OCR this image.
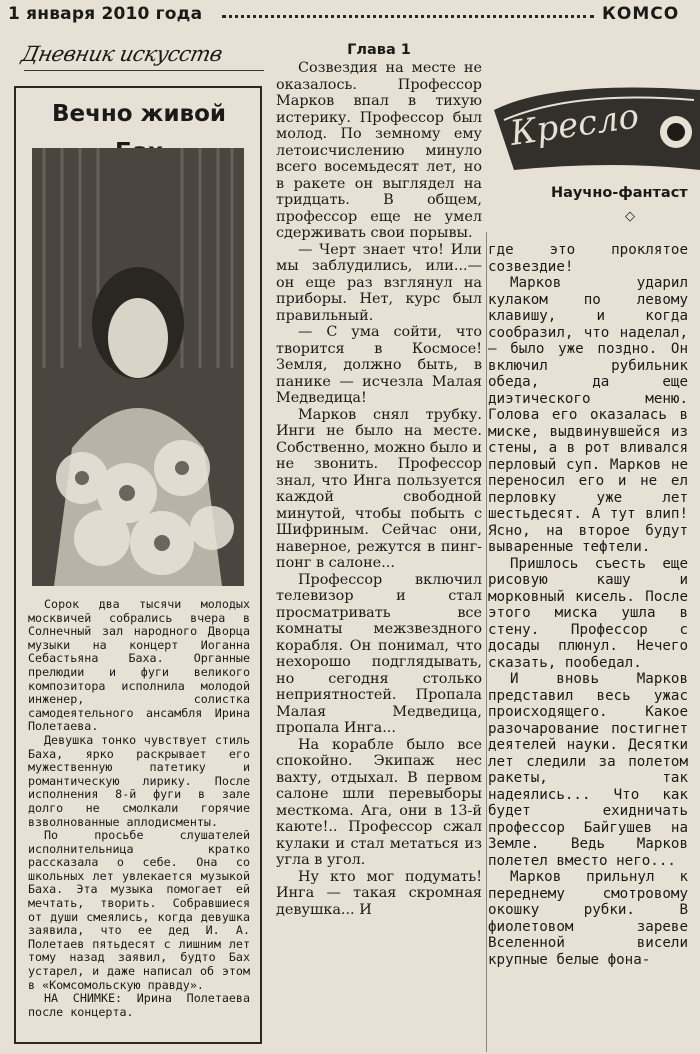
1 января 2010 года	КОМСО
Дневник искусств
Вечно живой

Сорок два тысячи молодых москвичей собрались вчера в Солнечный зал народного Дворца музыки на концерт Иоганна Себастьяна Баха. Органные прелюдии и фуги великого композитора исполнила молодой инженер, солистка самодеятельного ансамбля Ирина Полетаева.

Девушка тонко чувствует стиль Баха, ярко раскрывает его мужественную патетику и романтическую лирику. После исполнения 8-й фуги в зале долго не смолкали горячие взволнованные аплодисменты.

По просьбе слушателей исполнительница кратко рассказала о себе. Она со школьных лет увлекается музыкой Баха. Эта музыка помогает ей мечтать, творить. Собравшиеся от души смеялись, когда девушка заявила, что ее дед И. А. Полетаев пятьдесят с лишним лет тому назад заявил, будто Бах устарел, и даже написал об этом в «Комсомольскую правду».

НА СНИМКЕ: Ирина Полетаева после концерта.

Глава 1

Созвездия на месте не оказалось. Профессор Марков впал в тихую истерику. Профессор был молод. По земному ему летоисчислению минуло всего восемьдесят лет, но в ракете он выглядел на тридцать. В общем, профессор еще не умел сдерживать свои порывы.

— Черт знает что! Или мы заблудились, или...— он еще раз взглянул на приборы. Нет, курс был правильный.

— С ума сойти, что творится в Космосе! Земля, должно быть, в панике — исчезла Малая Медведица!

Марков снял трубку. Инги не было на месте. Собственно, можно было и не звонить. Профессор знал, что Инга пользуется каждой свободной минутой, чтобы побыть с Шифриным. Сейчас они, наверное, режутся в пинг-понг в салоне...

Профессор включил телевизор и стал просматривать все комнаты межзвездного корабля. Он понимал, что нехорошо подглядывать, но сегодня столько неприятностей. Пропала Малая Медведица, пропала Инга...

На корабле было все спокойно. Экипаж нес вахту, отдыхал. В первом салоне шли перевыборы месткома. Ага, они в 13-й каюте!.. Профессор сжал кулаки и стал метаться из угла в угол.

Ну кто мог подумать! Инга — такая скромная девушка... И

Кресло
Научно-фантаст
◇

где это проклятое созвездие!

Марков ударил кулаком по левому клавишу, и когда сообразил, что наделал, — было уже поздно. Он включил рубильник обеда, да еще диэтического меню. Голова его оказалась в миске, выдвинувшейся из стены, а в рот вливался перловый суп. Марков не переносил его и не ел перловку уже лет шестьдесят. А тут влип! Ясно, на второе будут вываренные тефтели.

Пришлось съесть еще рисовую кашу и морковный кисель. После этого миска ушла в стену. Профессор с досады плюнул. Нечего сказать, пообедал.

И вновь Марков представил весь ужас происходящего. Какое разочарование постигнет деятелей науки. Десятки лет следили за полетом ракеты, так надеялись... Что как будет ехидничать профессор Байгушев на Земле. Ведь Марков полетел вместо него...

Марков прильнул к переднему смотровому окошку рубки. В фиолетовом зареве Вселенной висели крупные белые фона-
